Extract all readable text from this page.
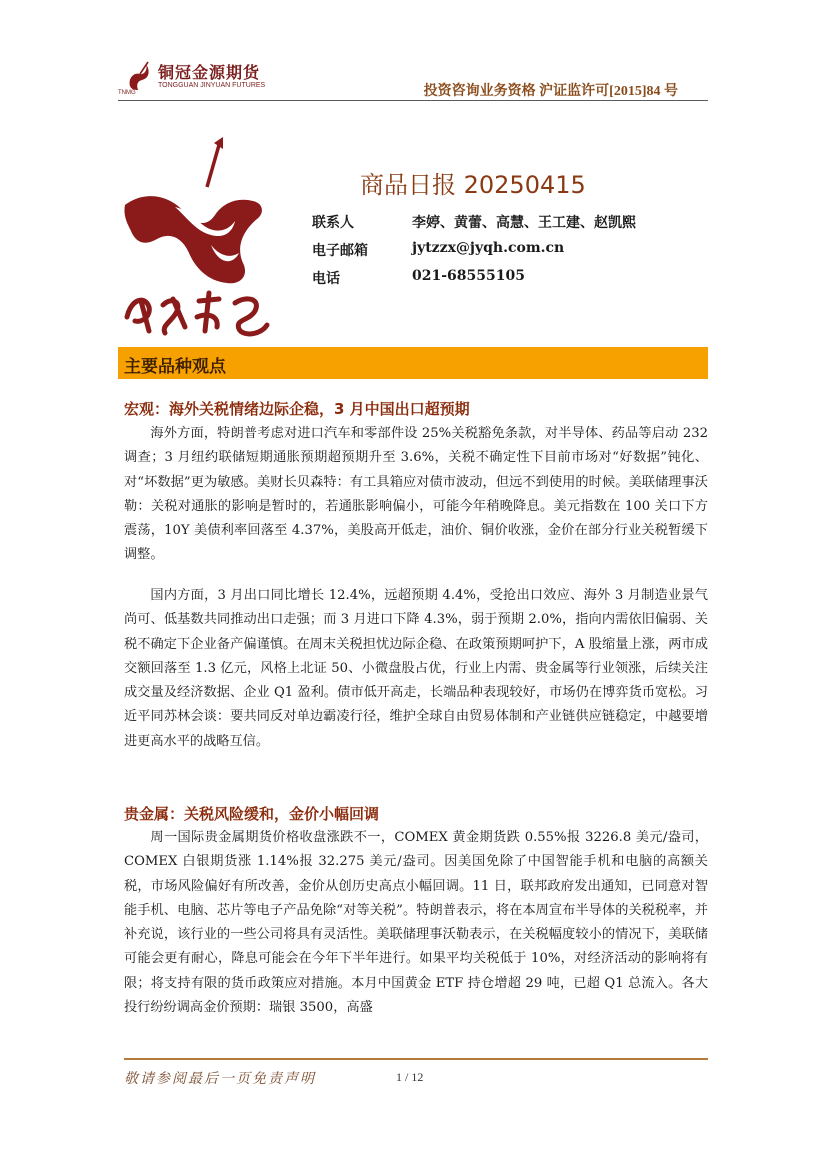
铜冠金源期货
TONGGUAN JINYUAN FUTURES
TNMG	投资咨询业务资格 沪证监许可[2015]84 号
商品日报 20250415
联系人	李婷、黄蕾、高慧、王工建、赵凯熙
电子邮箱	jytzzx@jyqh.com.cn
电话	021-68555105
主要品种观点
宏观：海外关税情绪边际企稳，3 月中国出口超预期

海外方面，特朗普考虑对进口汽车和零部件设 25%关税豁免条款，对半导体、药品等启动 232 调查；3 月纽约联储短期通胀预期超预期升至 3.6%，关税不确定性下目前市场对“好数据”钝化、对“坏数据”更为敏感。美财长贝森特：有工具箱应对债市波动，但远不到使用的时候。美联储理事沃勒：关税对通胀的影响是暂时的，若通胀影响偏小，可能今年稍晚降息。美元指数在 100 关口下方震荡，10Y 美债利率回落至 4.37%，美股高开低走，油价、铜价收涨，金价在部分行业关税暂缓下调整。

国内方面，3 月出口同比增长 12.4%，远超预期 4.4%，受抢出口效应、海外 3 月制造业景气尚可、低基数共同推动出口走强；而 3 月进口下降 4.3%，弱于预期 2.0%，指向内需依旧偏弱、关税不确定下企业备产偏谨慎。在周末关税担忧边际企稳、在政策预期呵护下，A 股缩量上涨，两市成交额回落至 1.3 亿元，风格上北证 50、小微盘股占优，行业上内需、贵金属等行业领涨，后续关注成交量及经济数据、企业 Q1 盈利。债市低开高走，长端品种表现较好，市场仍在博弈货币宽松。习近平同苏林会谈：要共同反对单边霸凌行径，维护全球自由贸易体制和产业链供应链稳定，中越要增进更高水平的战略互信。

贵金属：关税风险缓和，金价小幅回调

周一国际贵金属期货价格收盘涨跌不一，COMEX 黄金期货跌 0.55%报 3226.8 美元/盎司，COMEX 白银期货涨 1.14%报 32.275 美元/盎司。因美国免除了中国智能手机和电脑的高额关税，市场风险偏好有所改善，金价从创历史高点小幅回调。11 日，联邦政府发出通知，已同意对智能手机、电脑、芯片等电子产品免除“对等关税”。特朗普表示，将在本周宣布半导体的关税税率，并补充说，该行业的一些公司将具有灵活性。美联储理事沃勒表示，在关税幅度较小的情况下，美联储可能会更有耐心，降息可能会在今年下半年进行。如果平均关税低于 10%，对经济活动的影响将有限；将支持有限的货币政策应对措施。本月中国黄金 ETF 持仓增超 29 吨，已超 Q1 总流入。各大投行纷纷调高金价预期：瑞银 3500，高盛

敬请参阅最后一页免责声明	1 / 12
